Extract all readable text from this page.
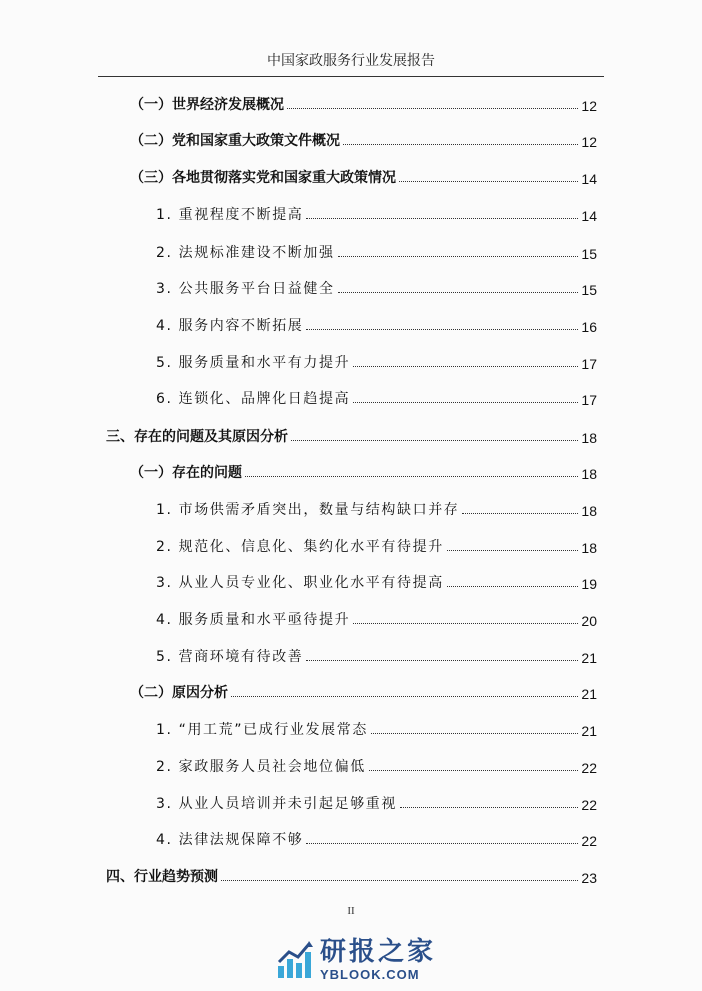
中国家政服务行业发展报告
（一）世界经济发展概况	12
（二）党和国家重大政策文件概况	12
（三）各地贯彻落实党和国家重大政策情况	14
1. 重视程度不断提高	14
2. 法规标准建设不断加强	15
3. 公共服务平台日益健全	15
4. 服务内容不断拓展	16
5. 服务质量和水平有力提升	17
6. 连锁化、品牌化日趋提高	17
三、存在的问题及其原因分析	18
（一）存在的问题	18
1. 市场供需矛盾突出，数量与结构缺口并存	18
2. 规范化、信息化、集约化水平有待提升	18
3. 从业人员专业化、职业化水平有待提高	19
4. 服务质量和水平亟待提升	20
5. 营商环境有待改善	21
（二）原因分析	21
1. “用工荒”已成行业发展常态	21
2. 家政服务人员社会地位偏低	22
3. 从业人员培训并未引起足够重视	22
4. 法律法规保障不够	22
四、行业趋势预测	23
II
研报之家
YBLOOK.COM
